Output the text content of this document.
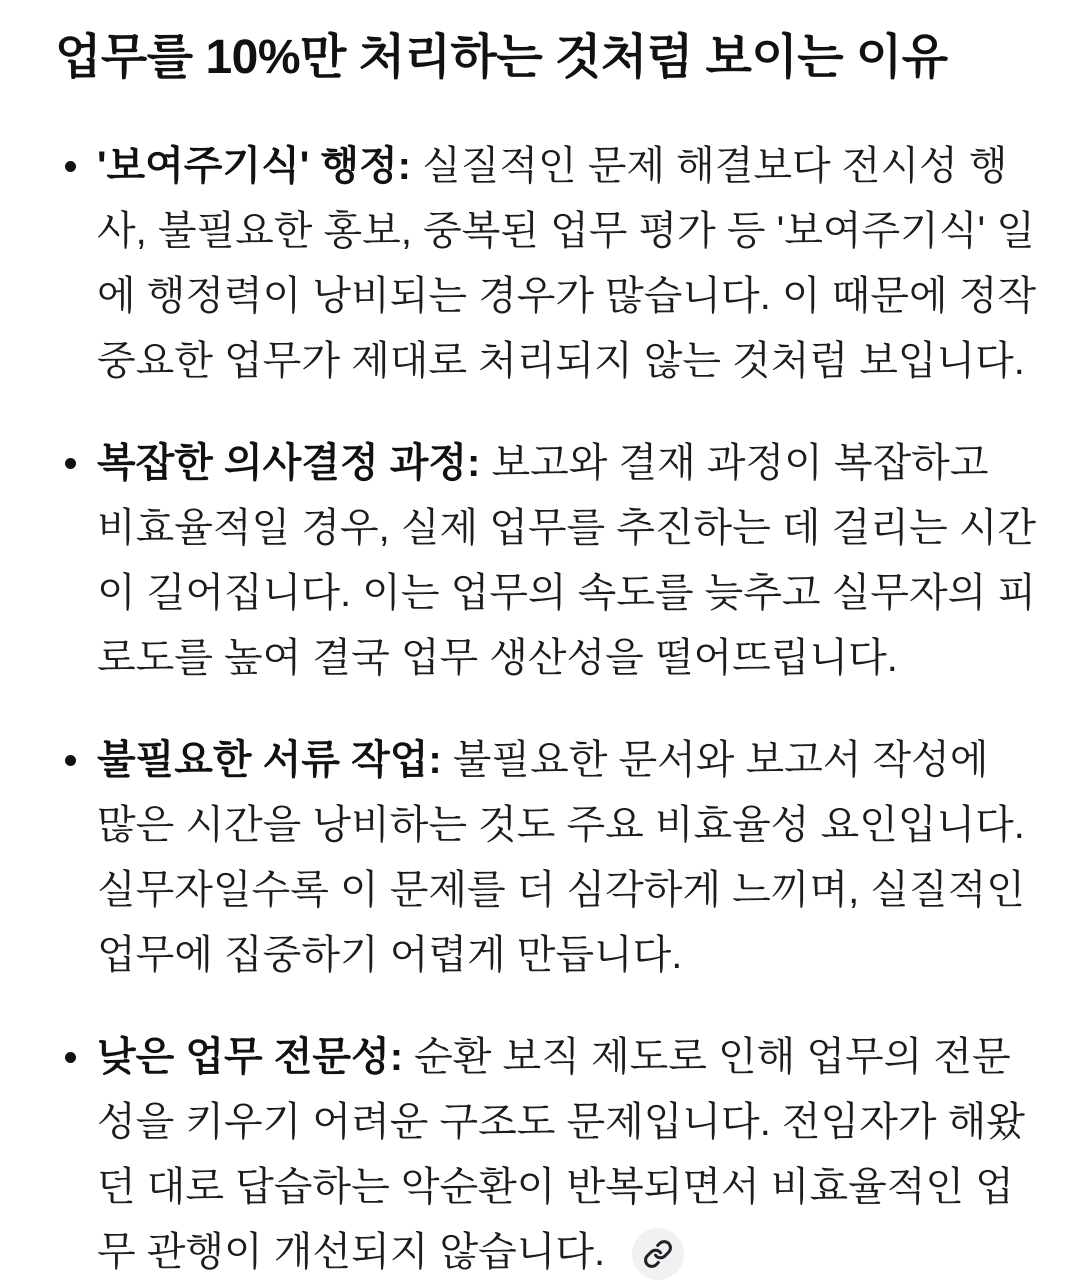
업무를 10%만 처리하는 것처럼 보이는 이유

'보여주기식' 행정: 실질적인 문제 해결보다 전시성 행사, 불필요한 홍보, 중복된 업무 평가 등 '보여주기식' 일에 행정력이 낭비되는 경우가 많습니다. 이 때문에 정작 중요한 업무가 제대로 처리되지 않는 것처럼 보입니다.

복잡한 의사결정 과정: 보고와 결재 과정이 복잡하고 비효율적일 경우, 실제 업무를 추진하는 데 걸리는 시간이 길어집니다. 이는 업무의 속도를 늦추고 실무자의 피로도를 높여 결국 업무 생산성을 떨어뜨립니다.

불필요한 서류 작업: 불필요한 문서와 보고서 작성에 많은 시간을 낭비하는 것도 주요 비효율성 요인입니다. 실무자일수록 이 문제를 더 심각하게 느끼며, 실질적인 업무에 집중하기 어렵게 만듭니다.

낮은 업무 전문성: 순환 보직 제도로 인해 업무의 전문성을 키우기 어려운 구조도 문제입니다. 전임자가 해왔던 대로 답습하는 악순환이 반복되면서 비효율적인 업무 관행이 개선되지 않습니다.
